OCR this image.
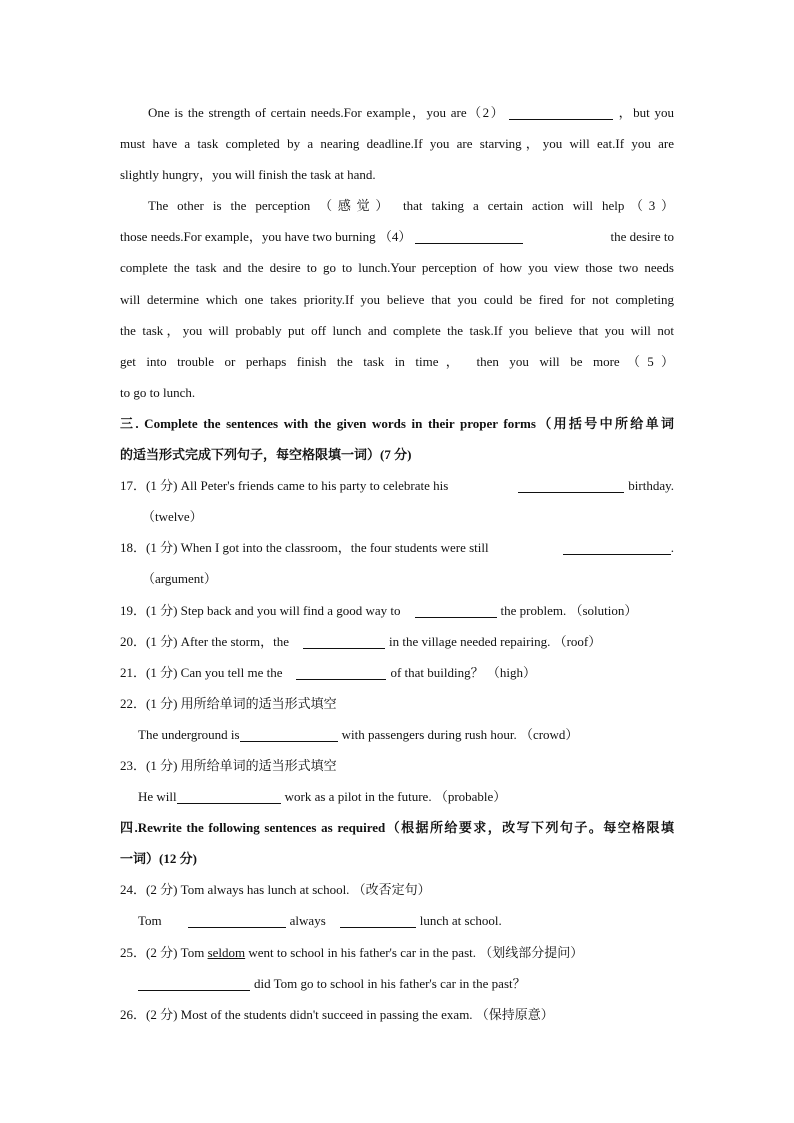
One is the strength of certain needs.For example，you are（2）	，but you
must have a task completed by a nearing deadline.If you are starving，you will eat.If you are
slightly hungry，you will finish the task at hand.
The other is the perception （感觉） that taking a certain action will help（3）
those needs.For example，you have two burning （4）	the desire to
complete the task and the desire to go to lunch.Your perception of how you view those two needs
will determine which one takes priority.If you believe that you could be fired for not completing
the task，you will probably put off lunch and complete the task.If you believe that you will not
get into trouble or perhaps finish the task in time， then you will be more（5）
to go to lunch.
三. Complete the sentences with the given words in their proper forms（用括号中所给单词
的适当形式完成下列句子，每空格限填一词）(7 分)
17．(1 分) All Peter's friends came to his party to celebrate his	birthday.
（twelve）
18．(1 分) When I got into the classroom，the four students were still	.
（argument）
19．(1 分) Step back and you will find a good way to	the problem. （solution）
20．(1 分) After the storm，the	in the village needed repairing. （roof）
21．(1 分) Can you tell me the	of that building？ （high）
22．(1 分) 用所给单词的适当形式填空
The underground is	with passengers during rush hour. （crowd）
23．(1 分) 用所给单词的适当形式填空
He will	work as a pilot in the future. （probable）
四.Rewrite the following sentences as required（根据所给要求，改写下列句子。每空格限填
一词）(12 分)
24．(2 分) Tom always has lunch at school. （改否定句）
Tom	always	lunch at school.
25．(2 分) Tom seldom went to school in his father's car in the past. （划线部分提问）
did Tom go to school in his father's car in the past？
26．(2 分) Most of the students didn't succeed in passing the exam. （保持原意）
